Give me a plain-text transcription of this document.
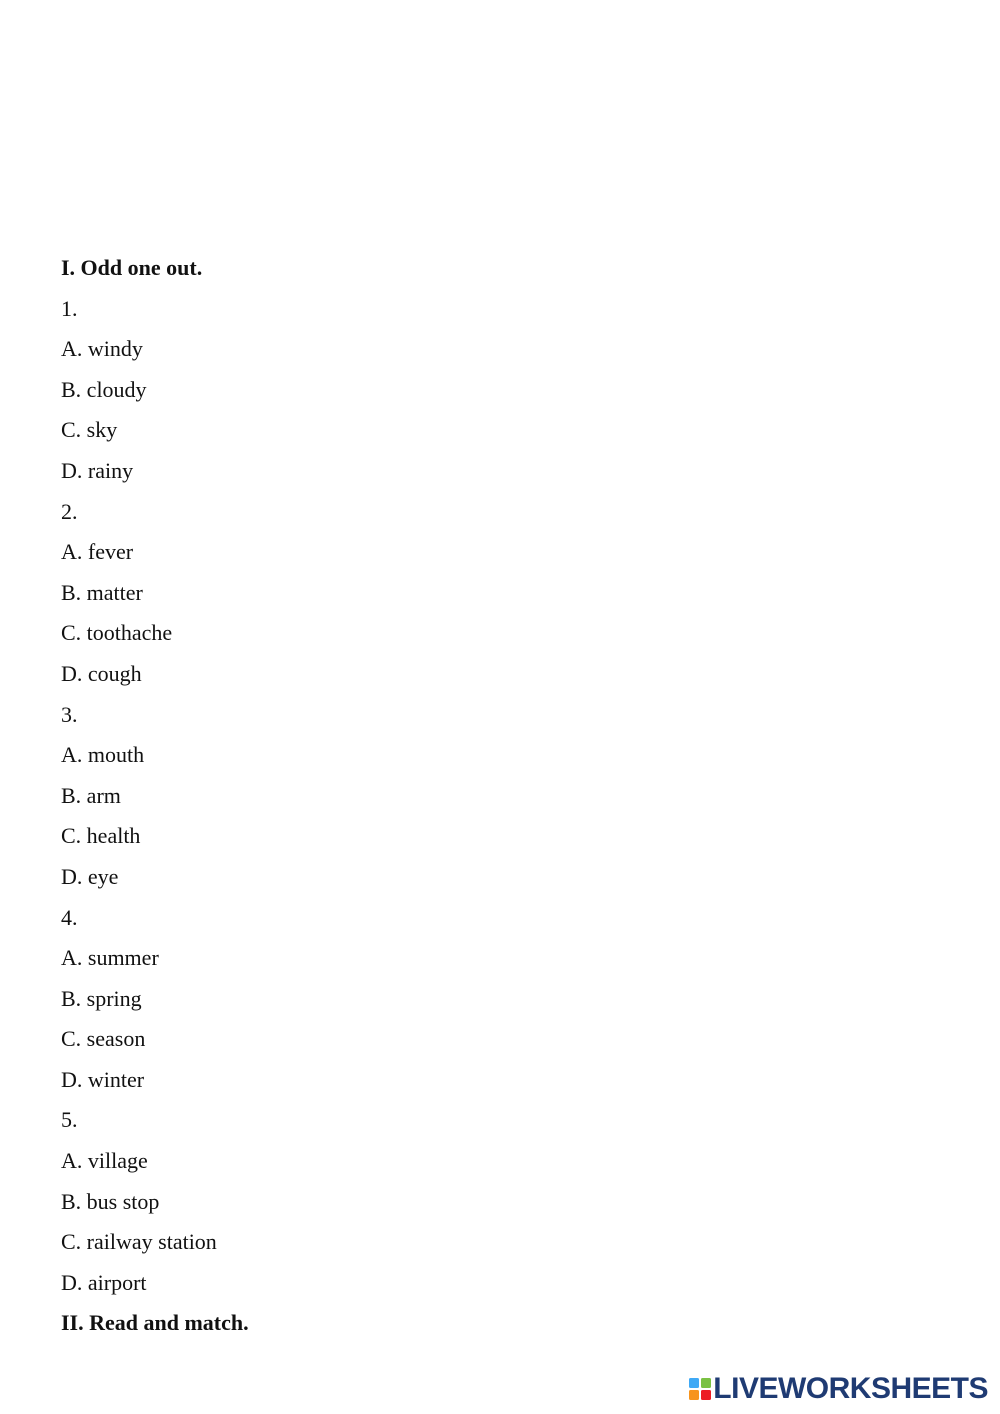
I. Odd one out.
1.
A. windy
B. cloudy
C. sky
D. rainy
2.
A. fever
B. matter
C. toothache
D. cough
3.
A. mouth
B. arm
C. health
D. eye
4.
A. summer
B. spring
C. season
D. winter
5.
A. village
B. bus stop
C. railway station
D. airport
II. Read and match.
LIVEWORKSHEETS
